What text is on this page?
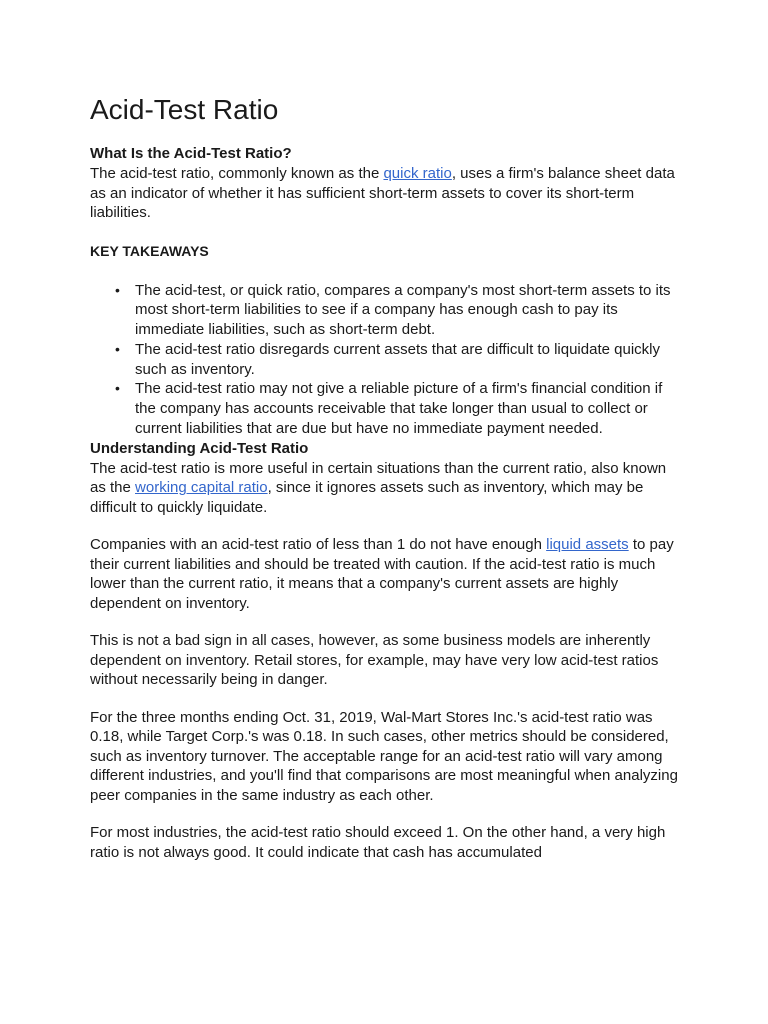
Acid-Test Ratio
What Is the Acid-Test Ratio?

The acid-test ratio, commonly known as the quick ratio, uses a firm's balance sheet data as an indicator of whether it has sufficient short-term assets to cover its short-term liabilities.

KEY TAKEAWAYS
• The acid-test, or quick ratio, compares a company's most short-term assets to its most short-term liabilities to see if a company has enough cash to pay its immediate liabilities, such as short-term debt.
• The acid-test ratio disregards current assets that are difficult to liquidate quickly such as inventory.
• The acid-test ratio may not give a reliable picture of a firm's financial condition if the company has accounts receivable that take longer than usual to collect or current liabilities that are due but have no immediate payment needed.
Understanding Acid-Test Ratio

The acid-test ratio is more useful in certain situations than the current ratio, also known as the working capital ratio, since it ignores assets such as inventory, which may be difficult to quickly liquidate.

Companies with an acid-test ratio of less than 1 do not have enough liquid assets to pay their current liabilities and should be treated with caution. If the acid-test ratio is much lower than the current ratio, it means that a company's current assets are highly dependent on inventory.

This is not a bad sign in all cases, however, as some business models are inherently dependent on inventory. Retail stores, for example, may have very low acid-test ratios without necessarily being in danger.

For the three months ending Oct. 31, 2019, Wal-Mart Stores Inc.'s acid-test ratio was 0.18, while Target Corp.'s was 0.18. In such cases, other metrics should be considered, such as inventory turnover. The acceptable range for an acid-test ratio will vary among different industries, and you'll find that comparisons are most meaningful when analyzing peer companies in the same industry as each other.

For most industries, the acid-test ratio should exceed 1. On the other hand, a very high ratio is not always good. It could indicate that cash has accumulated
